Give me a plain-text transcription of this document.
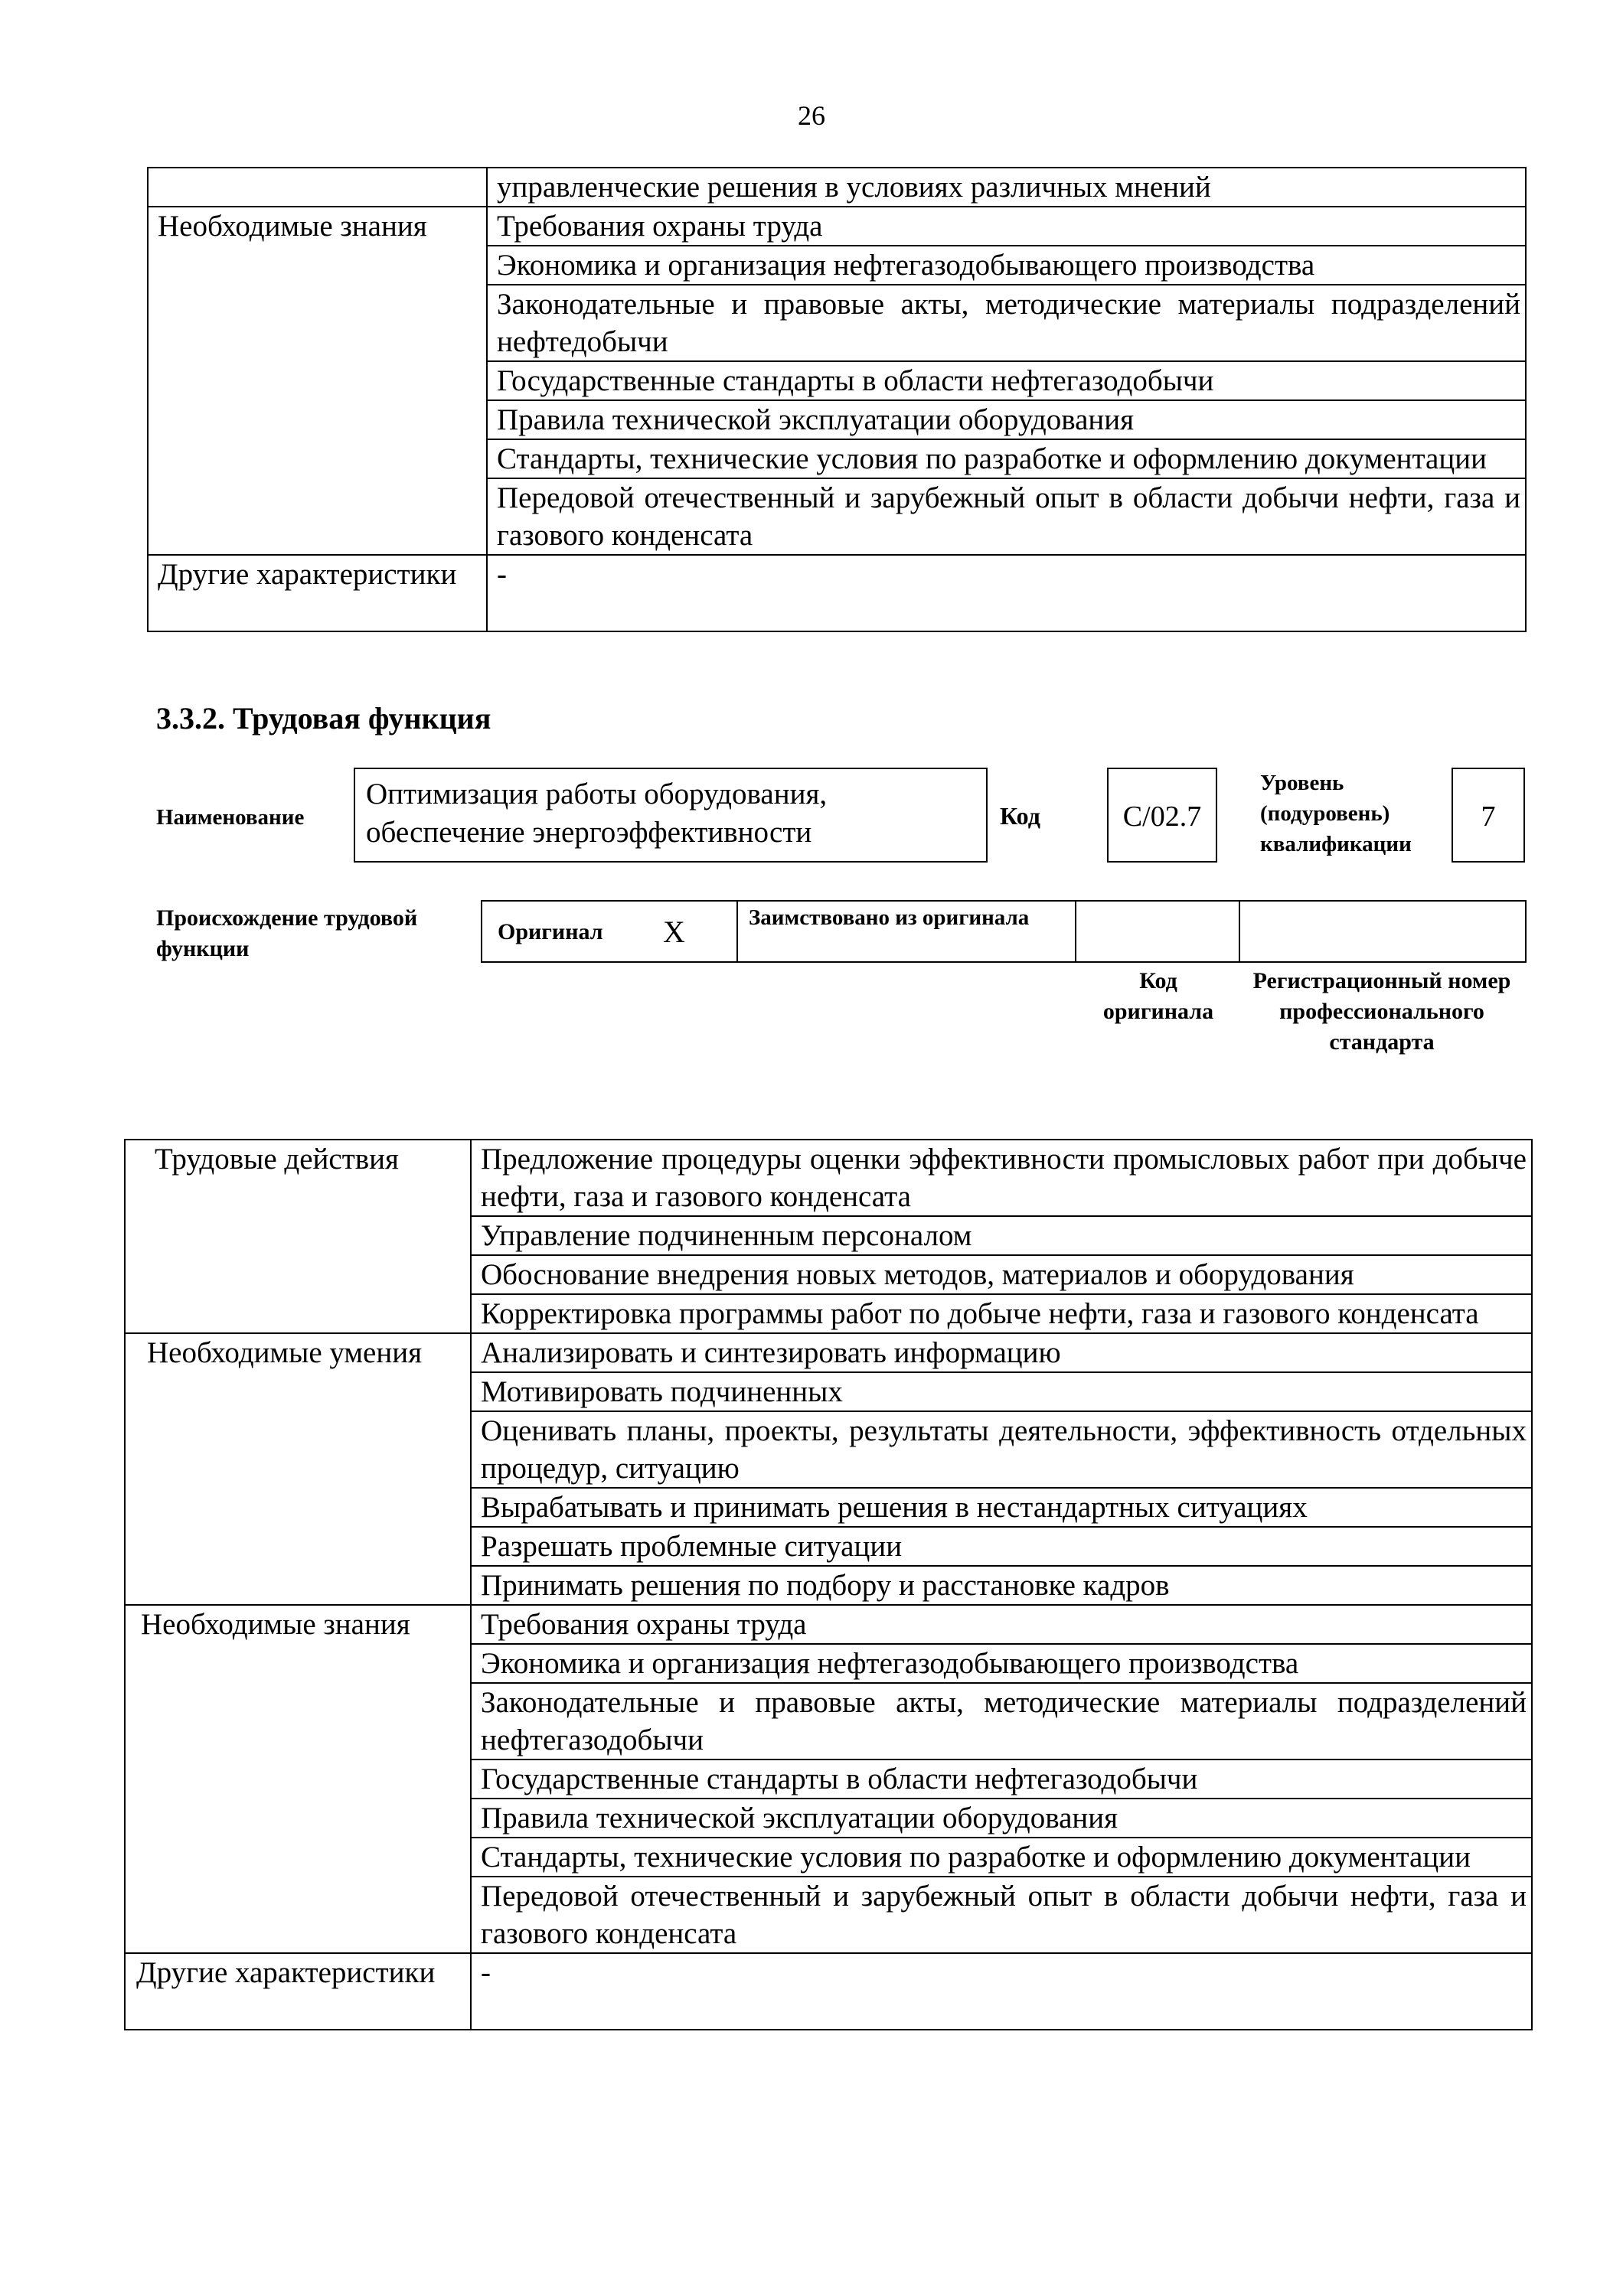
26
	управленческие решения в условиях различных мнений
Необходимые знания	Требования охраны труда
	Экономика и организация нефтегазодобывающего производства
	Законодательные и правовые акты, методические материалы подразделений нефтедобычи
	Государственные стандарты в области нефтегазодобычи
	Правила технической эксплуатации оборудования
	Стандарты, технические условия по разработке и оформлению документации
	Передовой отечественный и зарубежный опыт в области добычи нефти, газа и газового конденсата
Другие характеристики	-
3.3.2. Трудовая функция
Наименование
Оптимизация работы оборудования, обеспечение энергоэффективности	Код	С/02.7
Уровень (подуровень) квалификации
7
Происхождение трудовой функции
Оригинал X	Заимствовано из оригинала
Код оригинала
Регистрационный номер профессионального стандарта
Трудовые действия	Предложение процедуры оценки эффективности промысловых работ при добыче нефти, газа и газового конденсата
	Управление подчиненным персоналом
	Обоснование внедрения новых методов, материалов и оборудования
	Корректировка программы работ по добыче нефти, газа и газового конденсата
Необходимые умения	Анализировать и синтезировать информацию
	Мотивировать подчиненных
	Оценивать планы, проекты, результаты деятельности, эффективность отдельных процедур, ситуацию
	Вырабатывать и принимать решения в нестандартных ситуациях
	Разрешать проблемные ситуации
	Принимать решения по подбору и расстановке кадров
Необходимые знания	Требования охраны труда
	Экономика и организация нефтегазодобывающего производства
	Законодательные и правовые акты, методические материалы подразделений нефтегазодобычи
	Государственные стандарты в области нефтегазодобычи
	Правила технической эксплуатации оборудования
	Стандарты, технические условия по разработке и оформлению документации
	Передовой отечественный и зарубежный опыт в области добычи нефти, газа и газового конденсата
Другие характеристики	-
